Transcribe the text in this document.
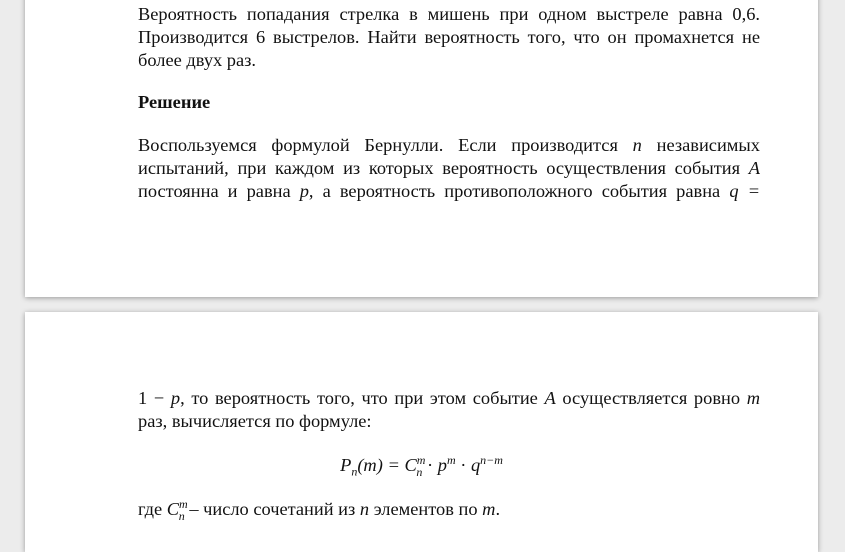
Вероятность попадания стрелка в мишень при одном выстреле равна 0,6.

Производится 6 выстрелов. Найти вероятность того, что он промахнется не

более двух раз.

Решение

Воспользуемся формулой Бернулли. Если производится n независимых

испытаний, при каждом из которых вероятность осуществления события A

постоянна и равна p, а вероятность противоположного события равна q =

1 − p, то вероятность того, что при этом событие A осуществляется ровно m

раз, вычисляется по формуле:

$P_n(m) = C^m_n \cdot p^m \cdot q^{n-m}$

где $C^m_n$ – число сочетаний из n элементов по m.
